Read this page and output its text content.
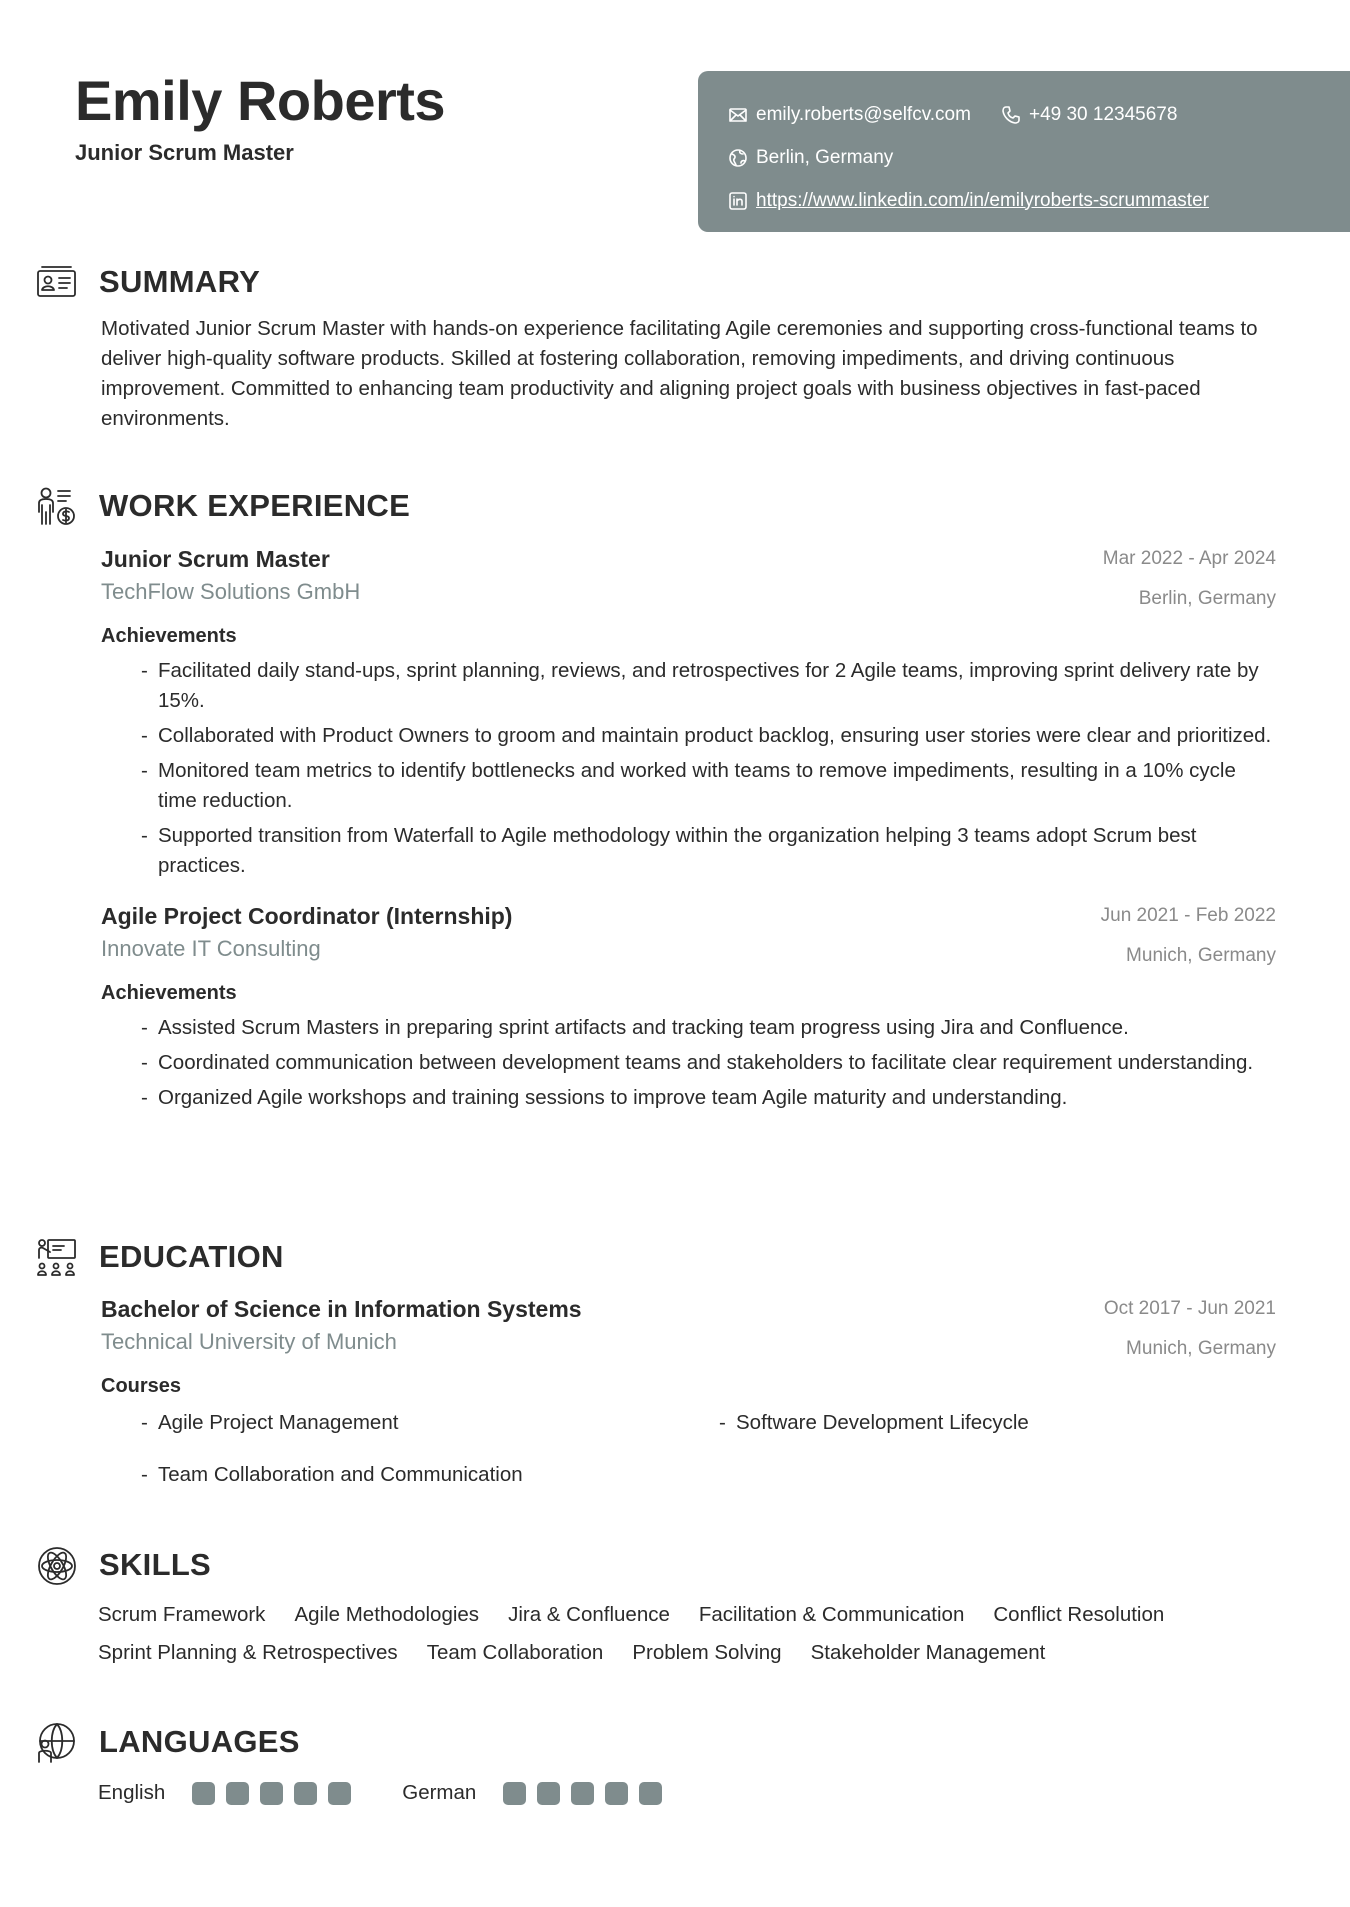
Emily Roberts
Junior Scrum Master
emily.roberts@selfcv.com	+49 30 12345678
Berlin, Germany
https://www.linkedin.com/in/emilyroberts-scrummaster
SUMMARY
Motivated Junior Scrum Master with hands-on experience facilitating Agile ceremonies and supporting cross-functional teams to deliver high-quality software products. Skilled at fostering collaboration, removing impediments, and driving continuous improvement. Committed to enhancing team productivity and aligning project goals with business objectives in fast-paced environments.
WORK EXPERIENCE
Junior Scrum Master
TechFlow Solutions GmbH
Mar 2022 - Apr 2024
Berlin, Germany
Achievements
- Facilitated daily stand-ups, sprint planning, reviews, and retrospectives for 2 Agile teams, improving sprint delivery rate by 15%.
- Collaborated with Product Owners to groom and maintain product backlog, ensuring user stories were clear and prioritized.
- Monitored team metrics to identify bottlenecks and worked with teams to remove impediments, resulting in a 10% cycle time reduction.
- Supported transition from Waterfall to Agile methodology within the organization helping 3 teams adopt Scrum best practices.
Agile Project Coordinator (Internship)
Innovate IT Consulting
Jun 2021 - Feb 2022
Munich, Germany
Achievements
- Assisted Scrum Masters in preparing sprint artifacts and tracking team progress using Jira and Confluence.
- Coordinated communication between development teams and stakeholders to facilitate clear requirement understanding.
- Organized Agile workshops and training sessions to improve team Agile maturity and understanding.
EDUCATION
Bachelor of Science in Information Systems
Technical University of Munich
Oct 2017 - Jun 2021
Munich, Germany
Courses
- Agile Project Management
-	Software Development Lifecycle
- Team Collaboration and Communication
SKILLS
Scrum Framework Agile Methodologies Jira & Confluence Facilitation & Communication Conflict Resolution
Sprint Planning & Retrospectives Team Collaboration Problem Solving Stakeholder Management
LANGUAGES
English	German
